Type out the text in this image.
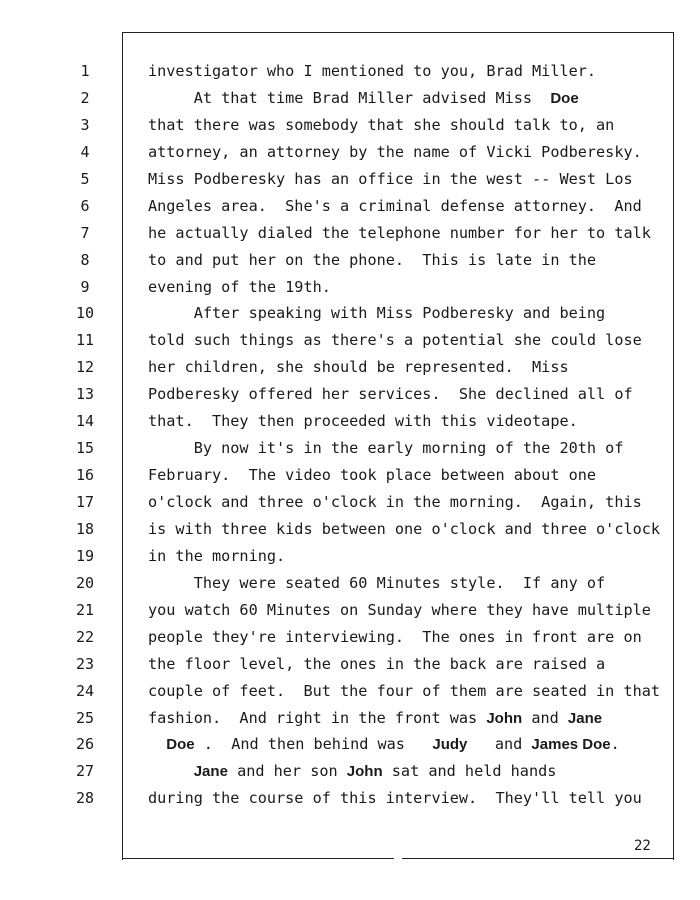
1
2
3
4
5
6
7
8
9
10
11
12
13
14
15
16
17
18
19
20
21
22
23
24
25
26
27
28
investigator who I mentioned to you, Brad Miller.
At that time Brad Miller advised Miss  Doe
that there was somebody that she should talk to, an
attorney, an attorney by the name of Vicki Podberesky.
Miss Podberesky has an office in the west -- West Los
Angeles area.  She's a criminal defense attorney.  And
he actually dialed the telephone number for her to talk
to and put her on the phone.  This is late in the
evening of the 19th.
After speaking with Miss Podberesky and being
told such things as there's a potential she could lose
her children, she should be represented.  Miss
Podberesky offered her services.  She declined all of
that.  They then proceeded with this videotape.
By now it's in the early morning of the 20th of
February.  The video took place between about one
o'clock and three o'clock in the morning.  Again, this
is with three kids between one o'clock and three o'clock
in the morning.
They were seated 60 Minutes style.  If any of
you watch 60 Minutes on Sunday where they have multiple
people they're interviewing.  The ones in front are on
the floor level, the ones in the back are raised a
couple of feet.  But the four of them are seated in that
fashion.  And right in the front was John and Jane
Doe .  And then behind was   Judy   and James Doe.
Jane and her son John sat and held hands
during the course of this interview.  They'll tell you
22
